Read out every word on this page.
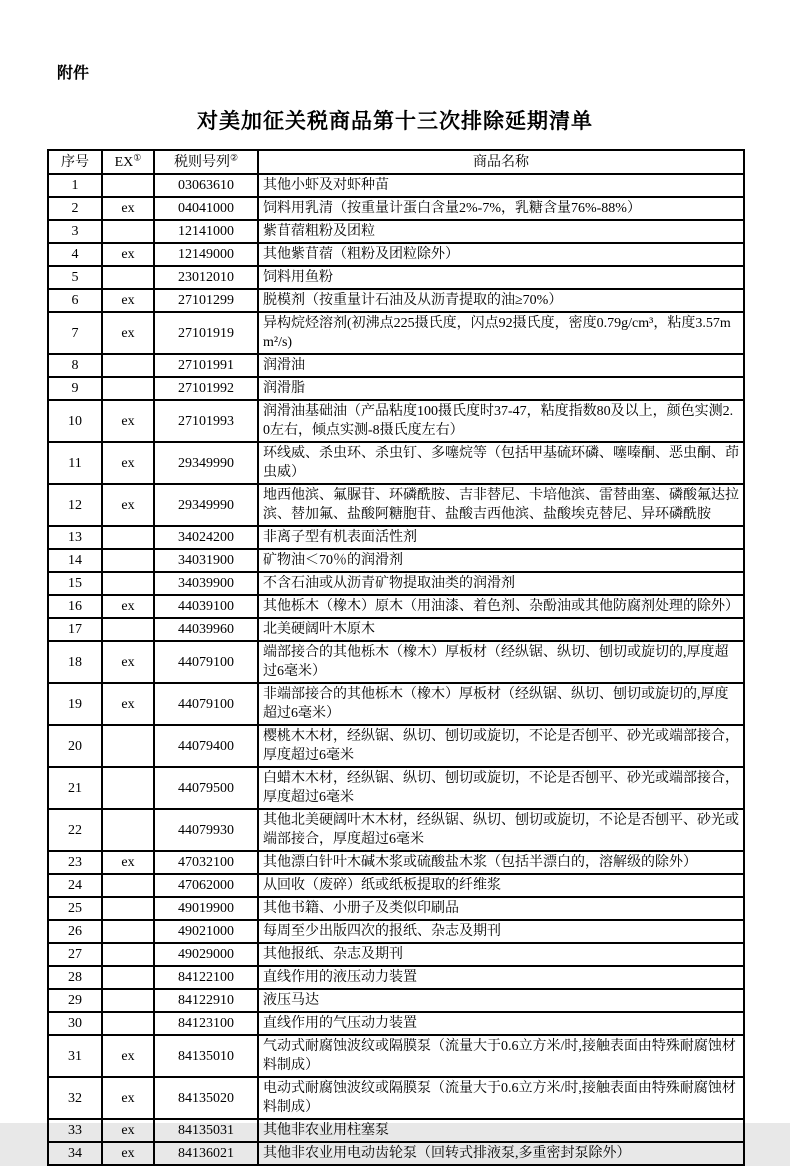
附件
对美加征关税商品第十三次排除延期清单
序号	EX①	税则号列②	商品名称
1		03063610	其他小虾及对虾种苗
2	ex	04041000	饲料用乳清（按重量计蛋白含量2%-7%，乳糖含量76%-88%）
3		12141000	紫苜蓿粗粉及团粒
4	ex	12149000	其他紫苜蓿（粗粉及团粒除外）
5		23012010	饲料用鱼粉
6	ex	27101299	脱模剂（按重量计石油及从沥青提取的油≥70%）
7	ex	27101919	异构烷烃溶剂(初沸点225摄氏度，闪点92摄氏度，密度0.79g/cm³，粘度3.57mm²/s)
8		27101991	润滑油
9		27101992	润滑脂
10	ex	27101993	润滑油基础油（产品粘度100摄氏度时37-47，粘度指数80及以上，颜色实测2.0左右，倾点实测-8摄氏度左右）
11	ex	29349990	环线威、杀虫环、杀虫钉、多噻烷等（包括甲基硫环磷、噻嗪酮、恶虫酮、茚虫威）
12	ex	29349990	地西他滨、氟脲苷、环磷酰胺、吉非替尼、卡培他滨、雷替曲塞、磷酸氟达拉滨、替加氟、盐酸阿糖胞苷、盐酸吉西他滨、盐酸埃克替尼、异环磷酰胺
13		34024200	非离子型有机表面活性剂
14		34031900	矿物油＜70％的润滑剂
15		34039900	不含石油或从沥青矿物提取油类的润滑剂
16	ex	44039100	其他栎木（橡木）原木（用油漆、着色剂、杂酚油或其他防腐剂处理的除外）
17		44039960	北美硬阔叶木原木
18	ex	44079100	端部接合的其他栎木（橡木）厚板材（经纵锯、纵切、刨切或旋切的,厚度超过6毫米）
19	ex	44079100	非端部接合的其他栎木（橡木）厚板材（经纵锯、纵切、刨切或旋切的,厚度超过6毫米）
20		44079400	樱桃木木材，经纵锯、纵切、刨切或旋切，不论是否刨平、砂光或端部接合，厚度超过6毫米
21		44079500	白蜡木木材，经纵锯、纵切、刨切或旋切，不论是否刨平、砂光或端部接合，厚度超过6毫米
22		44079930	其他北美硬阔叶木木材，经纵锯、纵切、刨切或旋切，不论是否刨平、砂光或端部接合，厚度超过6毫米
23	ex	47032100	其他漂白针叶木碱木浆或硫酸盐木浆（包括半漂白的，溶解级的除外）
24		47062000	从回收（废碎）纸或纸板提取的纤维浆
25		49019900	其他书籍、小册子及类似印刷品
26		49021000	每周至少出版四次的报纸、杂志及期刊
27		49029000	其他报纸、杂志及期刊
28		84122100	直线作用的液压动力装置
29		84122910	液压马达
30		84123100	直线作用的气压动力装置
31	ex	84135010	气动式耐腐蚀波纹或隔膜泵（流量大于0.6立方米/时,接触表面由特殊耐腐蚀材料制成）
32	ex	84135020	电动式耐腐蚀波纹或隔膜泵（流量大于0.6立方米/时,接触表面由特殊耐腐蚀材料制成）
33	ex	84135031	其他非农业用柱塞泵
34	ex	84136021	其他非农业用电动齿轮泵（回转式排液泵,多重密封泵除外）
